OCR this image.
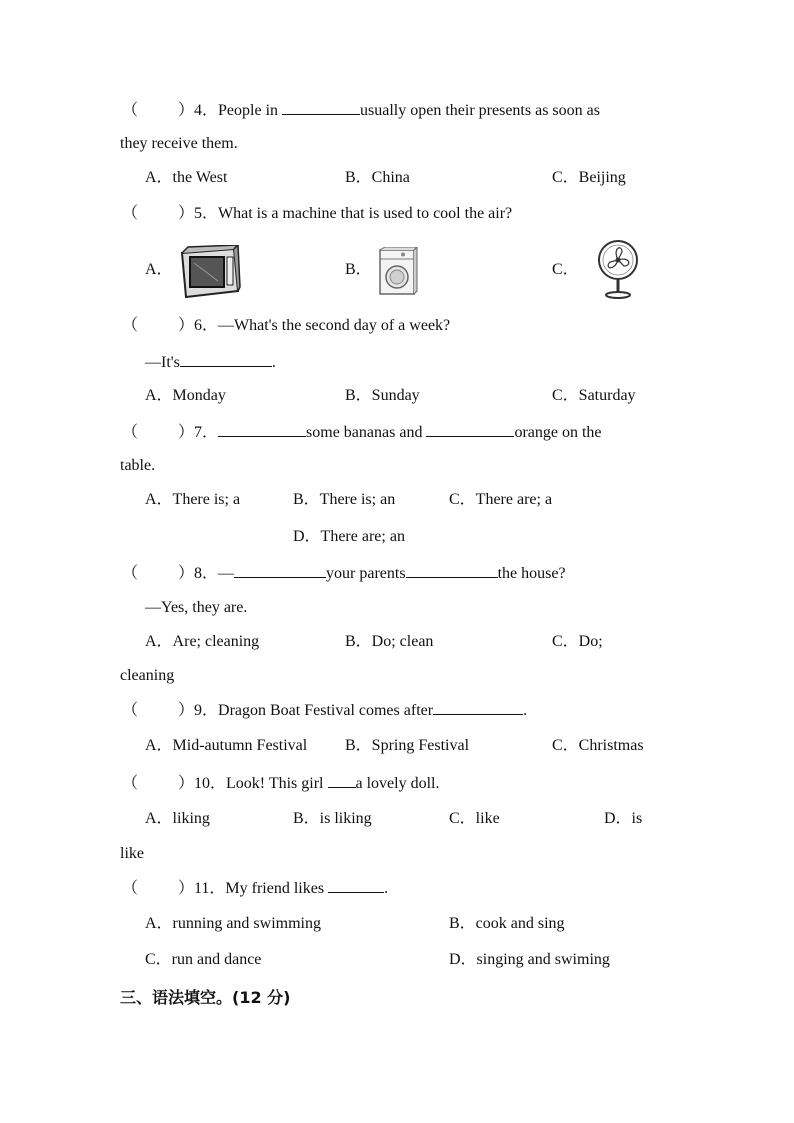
（	）4．People in	usually open their presents as soon as
they receive them.
A．the West	B．China	C．Beijing
（	）5．What is a machine that is used to cool the air?
A．	B．	C．
（	）6．—What's the second day of a week?
—It's	.
A．Monday	B．Sunday	C．Saturday
（	）7．	some bananas and	orange on the
table.
A．There is; a	B．There is; an	C．There are; a
D．There are; an
（	）8．—	your parents	the house?
—Yes, they are.
A．Are; cleaning	B．Do; clean	C．Do;
cleaning
（	）9．Dragon Boat Festival comes after	.
A．Mid-autumn Festival B．Spring Festival	C．Christmas
（	）10．Look! This girl a lovely doll.
A．liking	B．is liking	C．like	D．is
like
（	）11．My friend likes	.
A．running and swimming	B．cook and sing
C．run and dance	D．singing and swiming
三、语法填空。(12 分)
